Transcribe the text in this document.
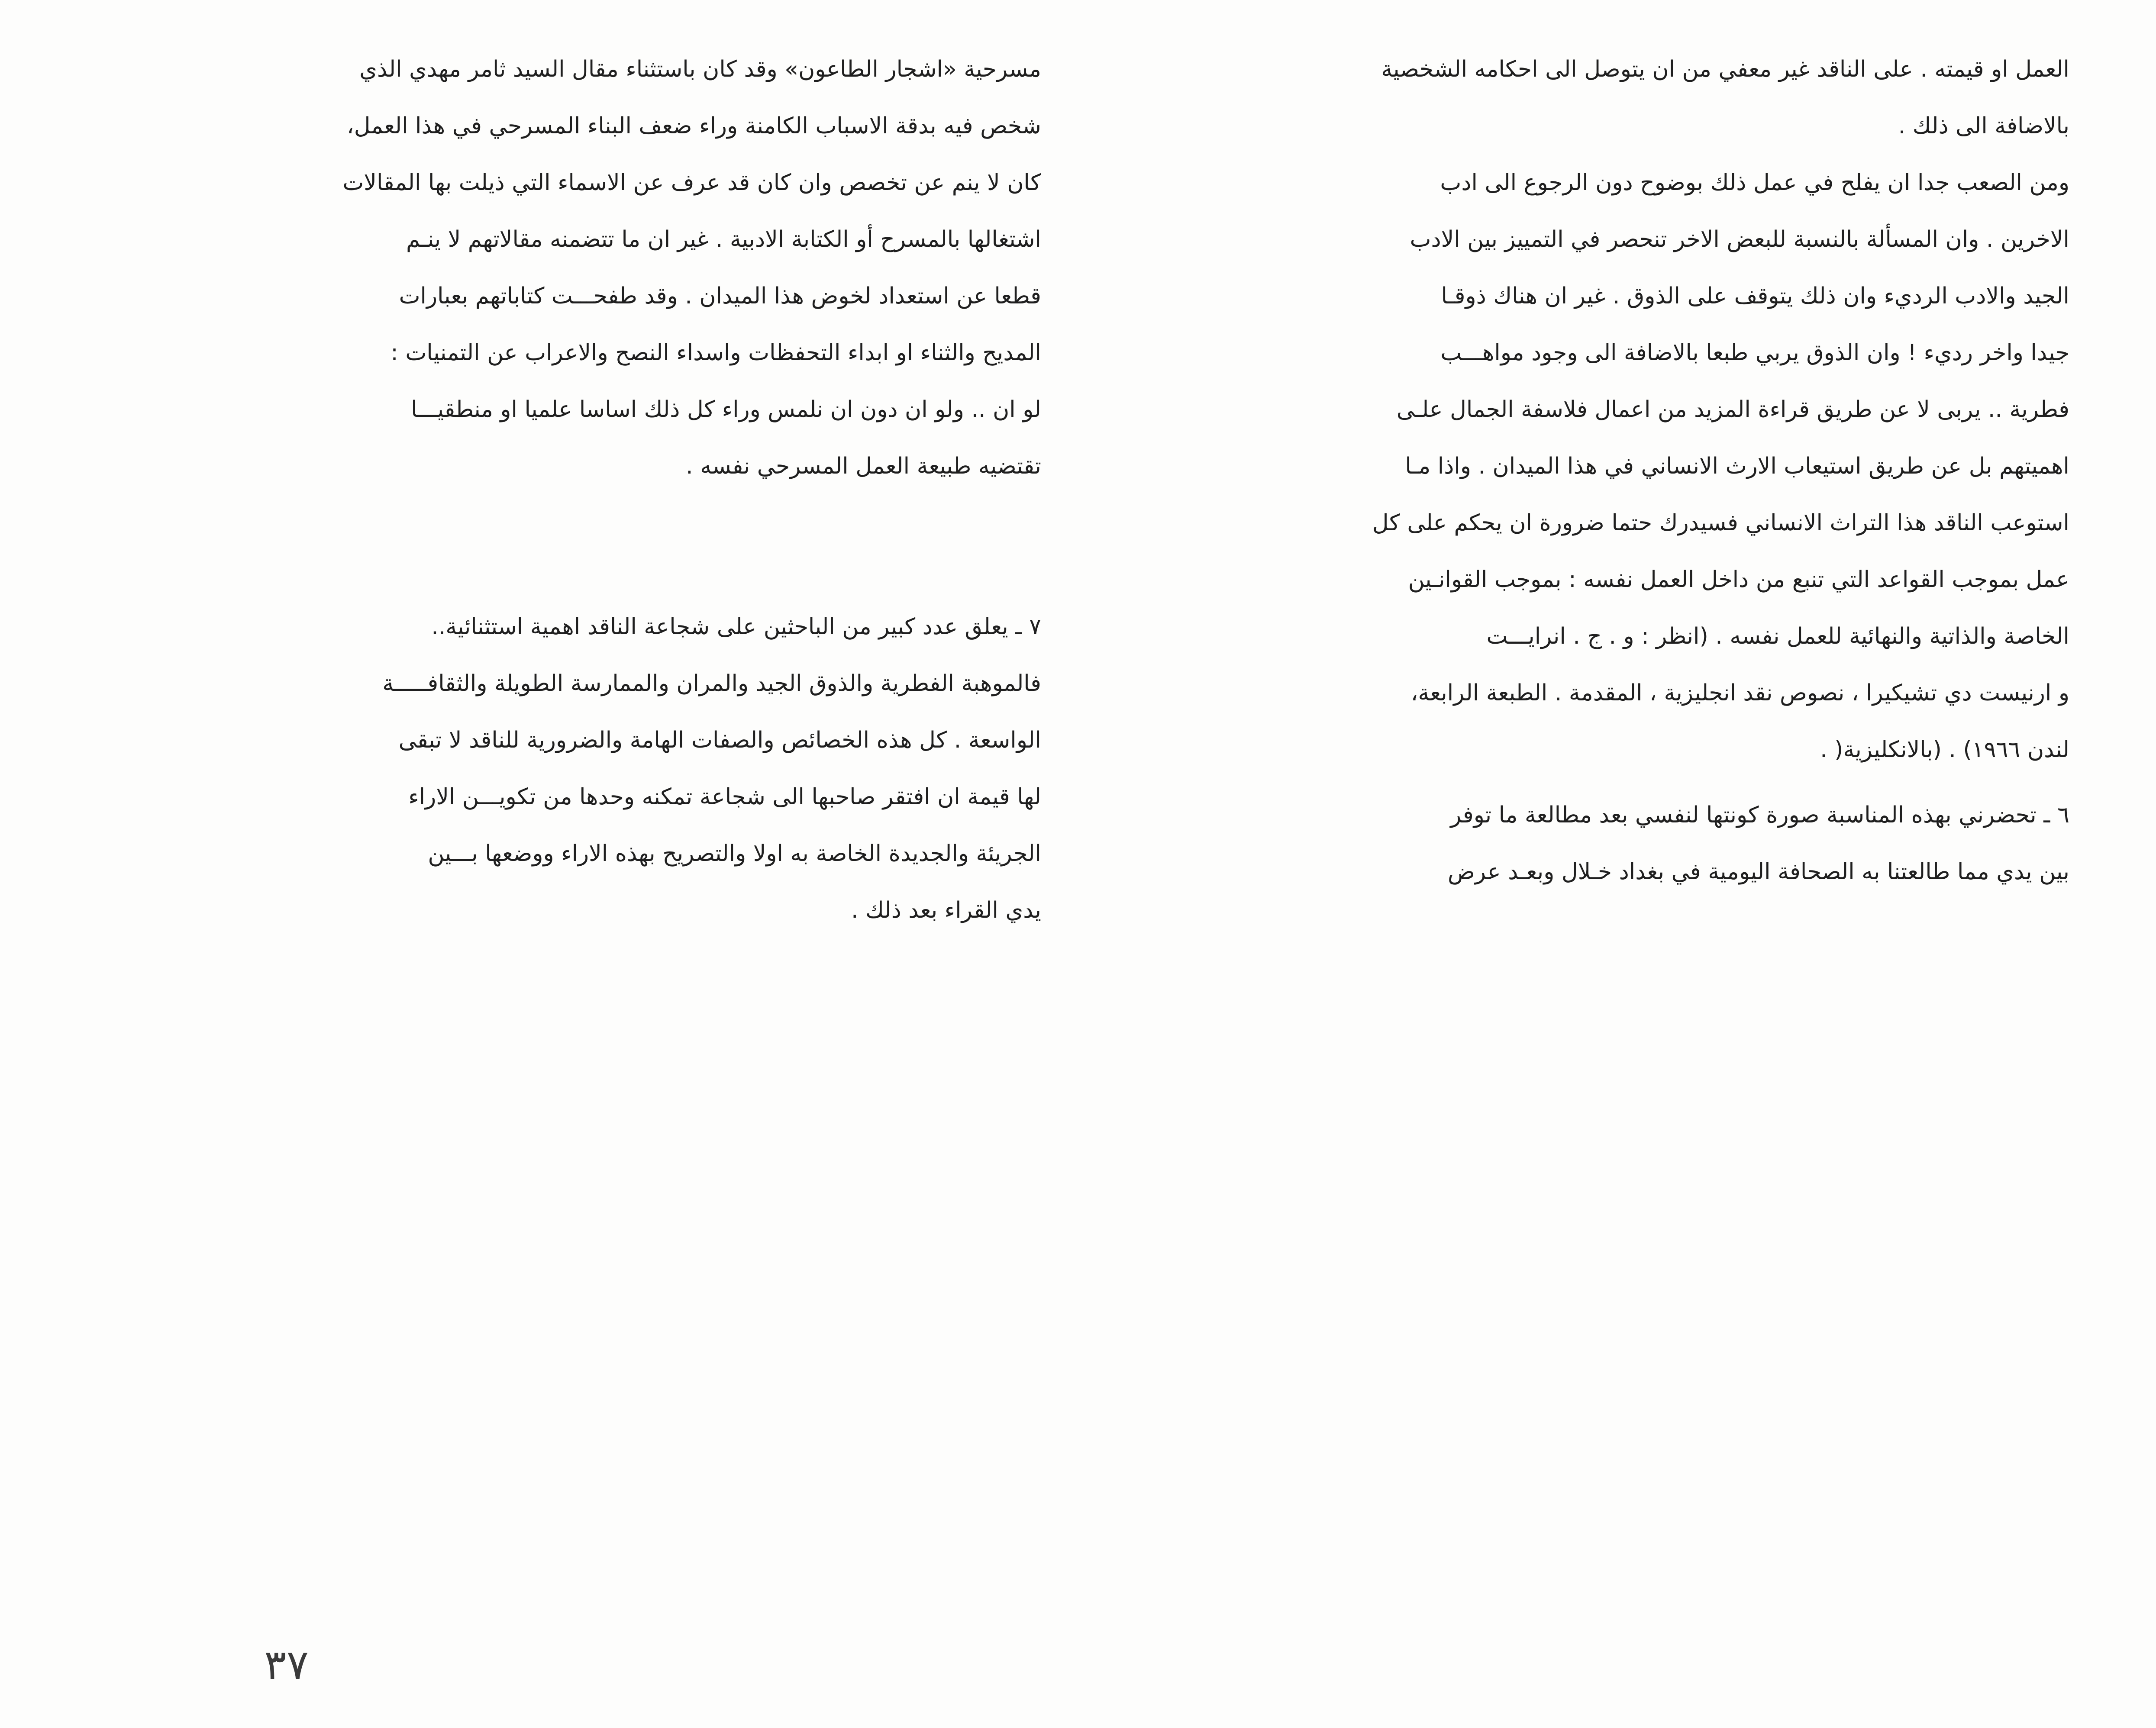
العمل او قيمته . على الناقد غير معفي من ان يتوصل الى احكامه الشخصية
بالاضافة الى ذلك .
ومن الصعب جدا ان يفلح في عمل ذلك بوضوح دون الرجوع الى ادب
الاخرين . وان المسألة بالنسبة للبعض الاخر تنحصر في التمييز بين الادب
الجيد والادب الرديء وان ذلك يتوقف على الذوق . غير ان هناك ذوقـا
جيدا واخر رديء ! وان الذوق يربي طبعا بالاضافة الى وجود مواهـــب
فطرية .. يربى لا عن طريق قراءة المزيد من اعمال فلاسفة الجمال علـى
اهميتهم بل عن طريق استيعاب الارث الانساني في هذا الميدان . واذا مـا
استوعب الناقد هذا التراث الانساني فسيدرك حتما ضرورة ان يحكم على كل
عمل بموجب القواعد التي تنبع من داخل العمل نفسه : بموجب القوانـين
الخاصة والذاتية والنهائية للعمل نفسه . (انظر : و . ج . انرايـــت
و ارنيست دي تشيكيرا ، نصوص نقد انجليزية ، المقدمة . الطبعة الرابعة،
لندن ١٩٦٦) . (بالانكليزية( .
٦ ـ تحضرني بهذه المناسبة صورة كونتها لنفسي بعد مطالعة ما توفر
بين يدي مما طالعتنا به الصحافة اليومية في بغداد خـلال وبعـد عرض
مسرحية «اشجار الطاعون» وقد كان باستثناء مقال السيد ثامر مهدي الذي
شخص فيه بدقة الاسباب الكامنة وراء ضعف البناء المسرحي في هذا العمل،
كان لا ينم عن تخصص وان كان قد عرف عن الاسماء التي ذيلت بها المقالات
اشتغالها بالمسرح أو الكتابة الادبية . غير ان ما تتضمنه مقالاتهم لا ينـم
قطعا عن استعداد لخوض هذا الميدان . وقد طفحـــت كتاباتهم بعبارات
المديح والثناء او ابداء التحفظات واسداء النصح والاعراب عن التمنيات :
لو ان .. ولو ان دون ان نلمس وراء كل ذلك اساسا علميا او منطقيـــا
تقتضيه طبيعة العمل المسرحي نفسه .
٧ ـ يعلق عدد كبير من الباحثين على شجاعة الناقد اهمية استثنائية..
فالموهبة الفطرية والذوق الجيد والمران والممارسة الطويلة والثقافـــــة
الواسعة . كل هذه الخصائص والصفات الهامة والضرورية للناقد لا تبقى
لها قيمة ان افتقر صاحبها الى شجاعة تمكنه وحدها من تكويـــن الاراء
الجريئة والجديدة الخاصة به اولا والتصريح بهذه الاراء ووضعها بـــين
يدي القراء بعد ذلك .
٣٧
